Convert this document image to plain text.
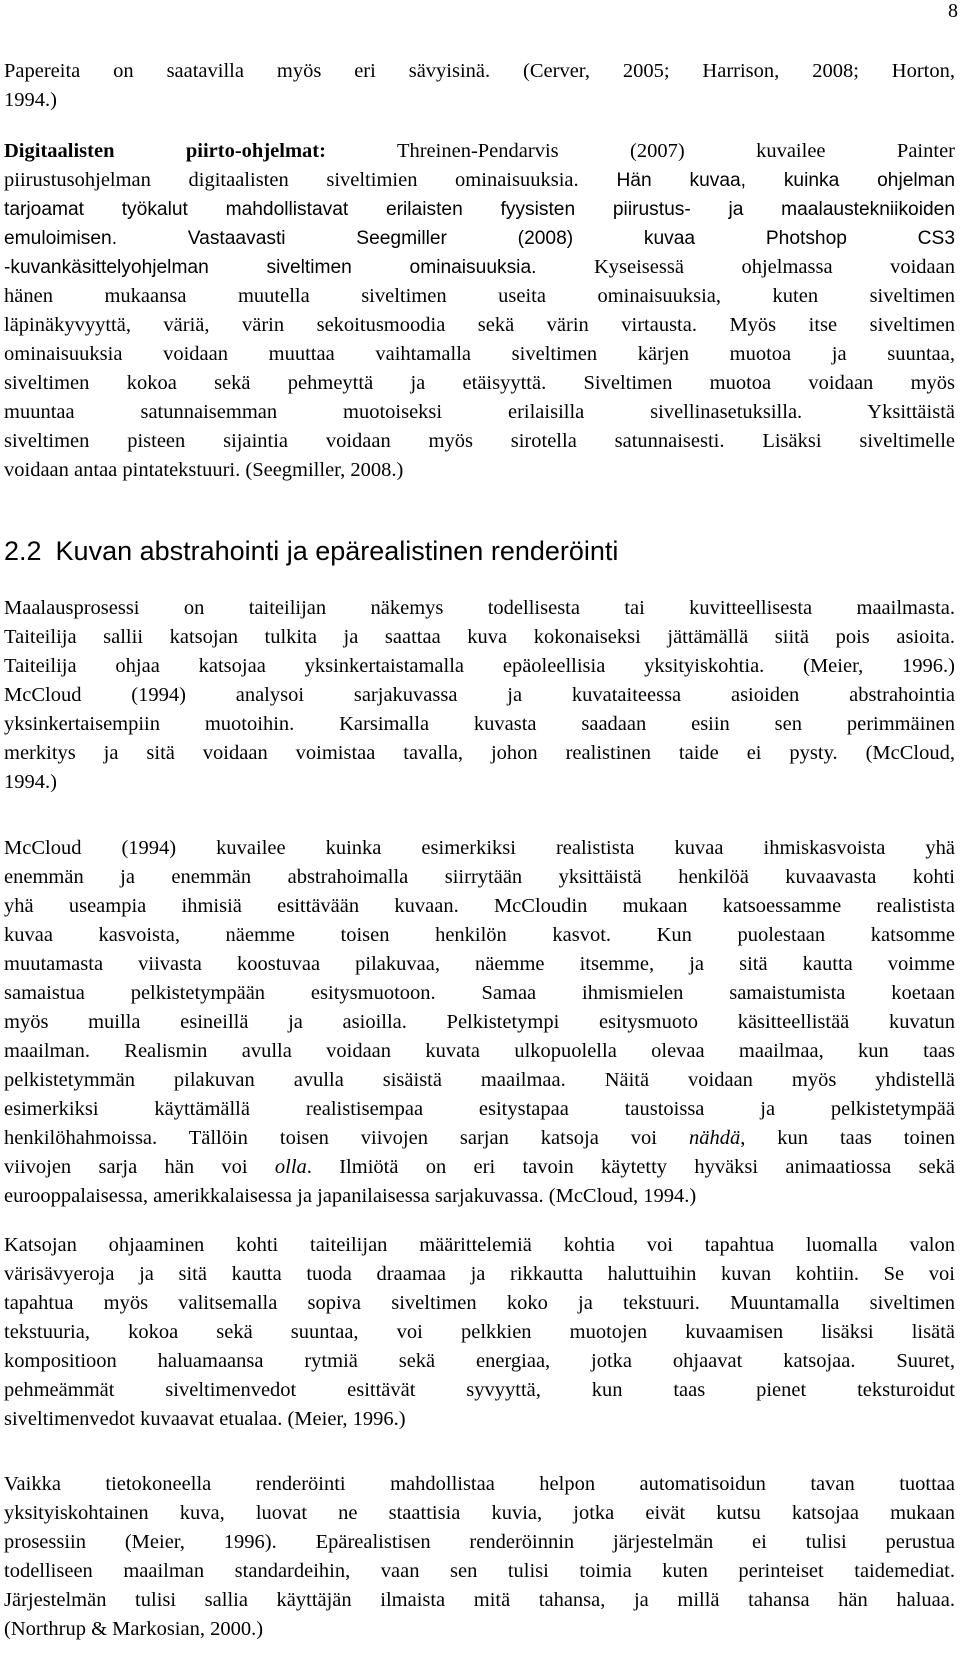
8
Papereita on saatavilla myös eri sävyisinä. (Cerver, 2005; Harrison, 2008; Horton,
1994.)
Digitaalisten piirto-ohjelmat: Threinen-Pendarvis (2007) kuvailee Painter
piirustusohjelman digitaalisten siveltimien ominaisuuksia. Hän kuvaa, kuinka ohjelman
tarjoamat työkalut mahdollistavat erilaisten fyysisten piirustus- ja maalaustekniikoiden
emuloimisen. Vastaavasti Seegmiller (2008) kuvaa Photshop CS3
-kuvankäsittelyohjelman siveltimen ominaisuuksia. Kyseisessä ohjelmassa voidaan
hänen mukaansa muutella siveltimen useita ominaisuuksia, kuten siveltimen
läpinäkyvyyttä, väriä, värin sekoitusmoodia sekä värin virtausta. Myös itse siveltimen
ominaisuuksia voidaan muuttaa vaihtamalla siveltimen kärjen muotoa ja suuntaa,
siveltimen kokoa sekä pehmeyttä ja etäisyyttä. Siveltimen muotoa voidaan myös
muuntaa satunnaisemman muotoiseksi erilaisilla sivellinasetuksilla. Yksittäistä
siveltimen pisteen sijaintia voidaan myös sirotella satunnaisesti. Lisäksi siveltimelle
voidaan antaa pintatekstuuri. (Seegmiller, 2008.)
2.2 Kuvan abstrahointi ja epärealistinen renderöinti
Maalausprosessi on taiteilijan näkemys todellisesta tai kuvitteellisesta maailmasta.
Taiteilija sallii katsojan tulkita ja saattaa kuva kokonaiseksi jättämällä siitä pois asioita.
Taiteilija ohjaa katsojaa yksinkertaistamalla epäoleellisia yksityiskohtia. (Meier, 1996.)
McCloud (1994) analysoi sarjakuvassa ja kuvataiteessa asioiden abstrahointia
yksinkertaisempiin muotoihin. Karsimalla kuvasta saadaan esiin sen perimmäinen
merkitys ja sitä voidaan voimistaa tavalla, johon realistinen taide ei pysty. (McCloud,
1994.)
McCloud (1994) kuvailee kuinka esimerkiksi realistista kuvaa ihmiskasvoista yhä
enemmän ja enemmän abstrahoimalla siirrytään yksittäistä henkilöä kuvaavasta kohti
yhä useampia ihmisiä esittävään kuvaan. McCloudin mukaan katsoessamme realistista
kuvaa kasvoista, näemme toisen henkilön kasvot. Kun puolestaan katsomme
muutamasta viivasta koostuvaa pilakuvaa, näemme itsemme, ja sitä kautta voimme
samaistua pelkistetympään esitysmuotoon. Samaa ihmismielen samaistumista koetaan
myös muilla esineillä ja asioilla. Pelkistetympi esitysmuoto käsitteellistää kuvatun
maailman. Realismin avulla voidaan kuvata ulkopuolella olevaa maailmaa, kun taas
pelkistetymmän pilakuvan avulla sisäistä maailmaa. Näitä voidaan myös yhdistellä
esimerkiksi käyttämällä realistisempaa esitystapaa taustoissa ja pelkistetympää
henkilöhahmoissa. Tällöin toisen viivojen sarjan katsoja voi nähdä, kun taas toinen
viivojen sarja hän voi olla. Ilmiötä on eri tavoin käytetty hyväksi animaatiossa sekä
eurooppalaisessa, amerikkalaisessa ja japanilaisessa sarjakuvassa. (McCloud, 1994.)
Katsojan ohjaaminen kohti taiteilijan määrittelemiä kohtia voi tapahtua luomalla valon
värisävyeroja ja sitä kautta tuoda draamaa ja rikkautta haluttuihin kuvan kohtiin. Se voi
tapahtua myös valitsemalla sopiva siveltimen koko ja tekstuuri. Muuntamalla siveltimen
tekstuuria, kokoa sekä suuntaa, voi pelkkien muotojen kuvaamisen lisäksi lisätä
kompositioon haluamaansa rytmiä sekä energiaa, jotka ohjaavat katsojaa. Suuret,
pehmeämmät siveltimenvedot esittävät syvyyttä, kun taas pienet teksturoidut
siveltimenvedot kuvaavat etualaa. (Meier, 1996.)
Vaikka tietokoneella renderöinti mahdollistaa helpon automatisoidun tavan tuottaa
yksityiskohtainen kuva, luovat ne staattisia kuvia, jotka eivät kutsu katsojaa mukaan
prosessiin (Meier, 1996). Epärealistisen renderöinnin järjestelmän ei tulisi perustua
todelliseen maailman standardeihin, vaan sen tulisi toimia kuten perinteiset taidemediat.
Järjestelmän tulisi sallia käyttäjän ilmaista mitä tahansa, ja millä tahansa hän haluaa.
(Northrup & Markosian, 2000.)
